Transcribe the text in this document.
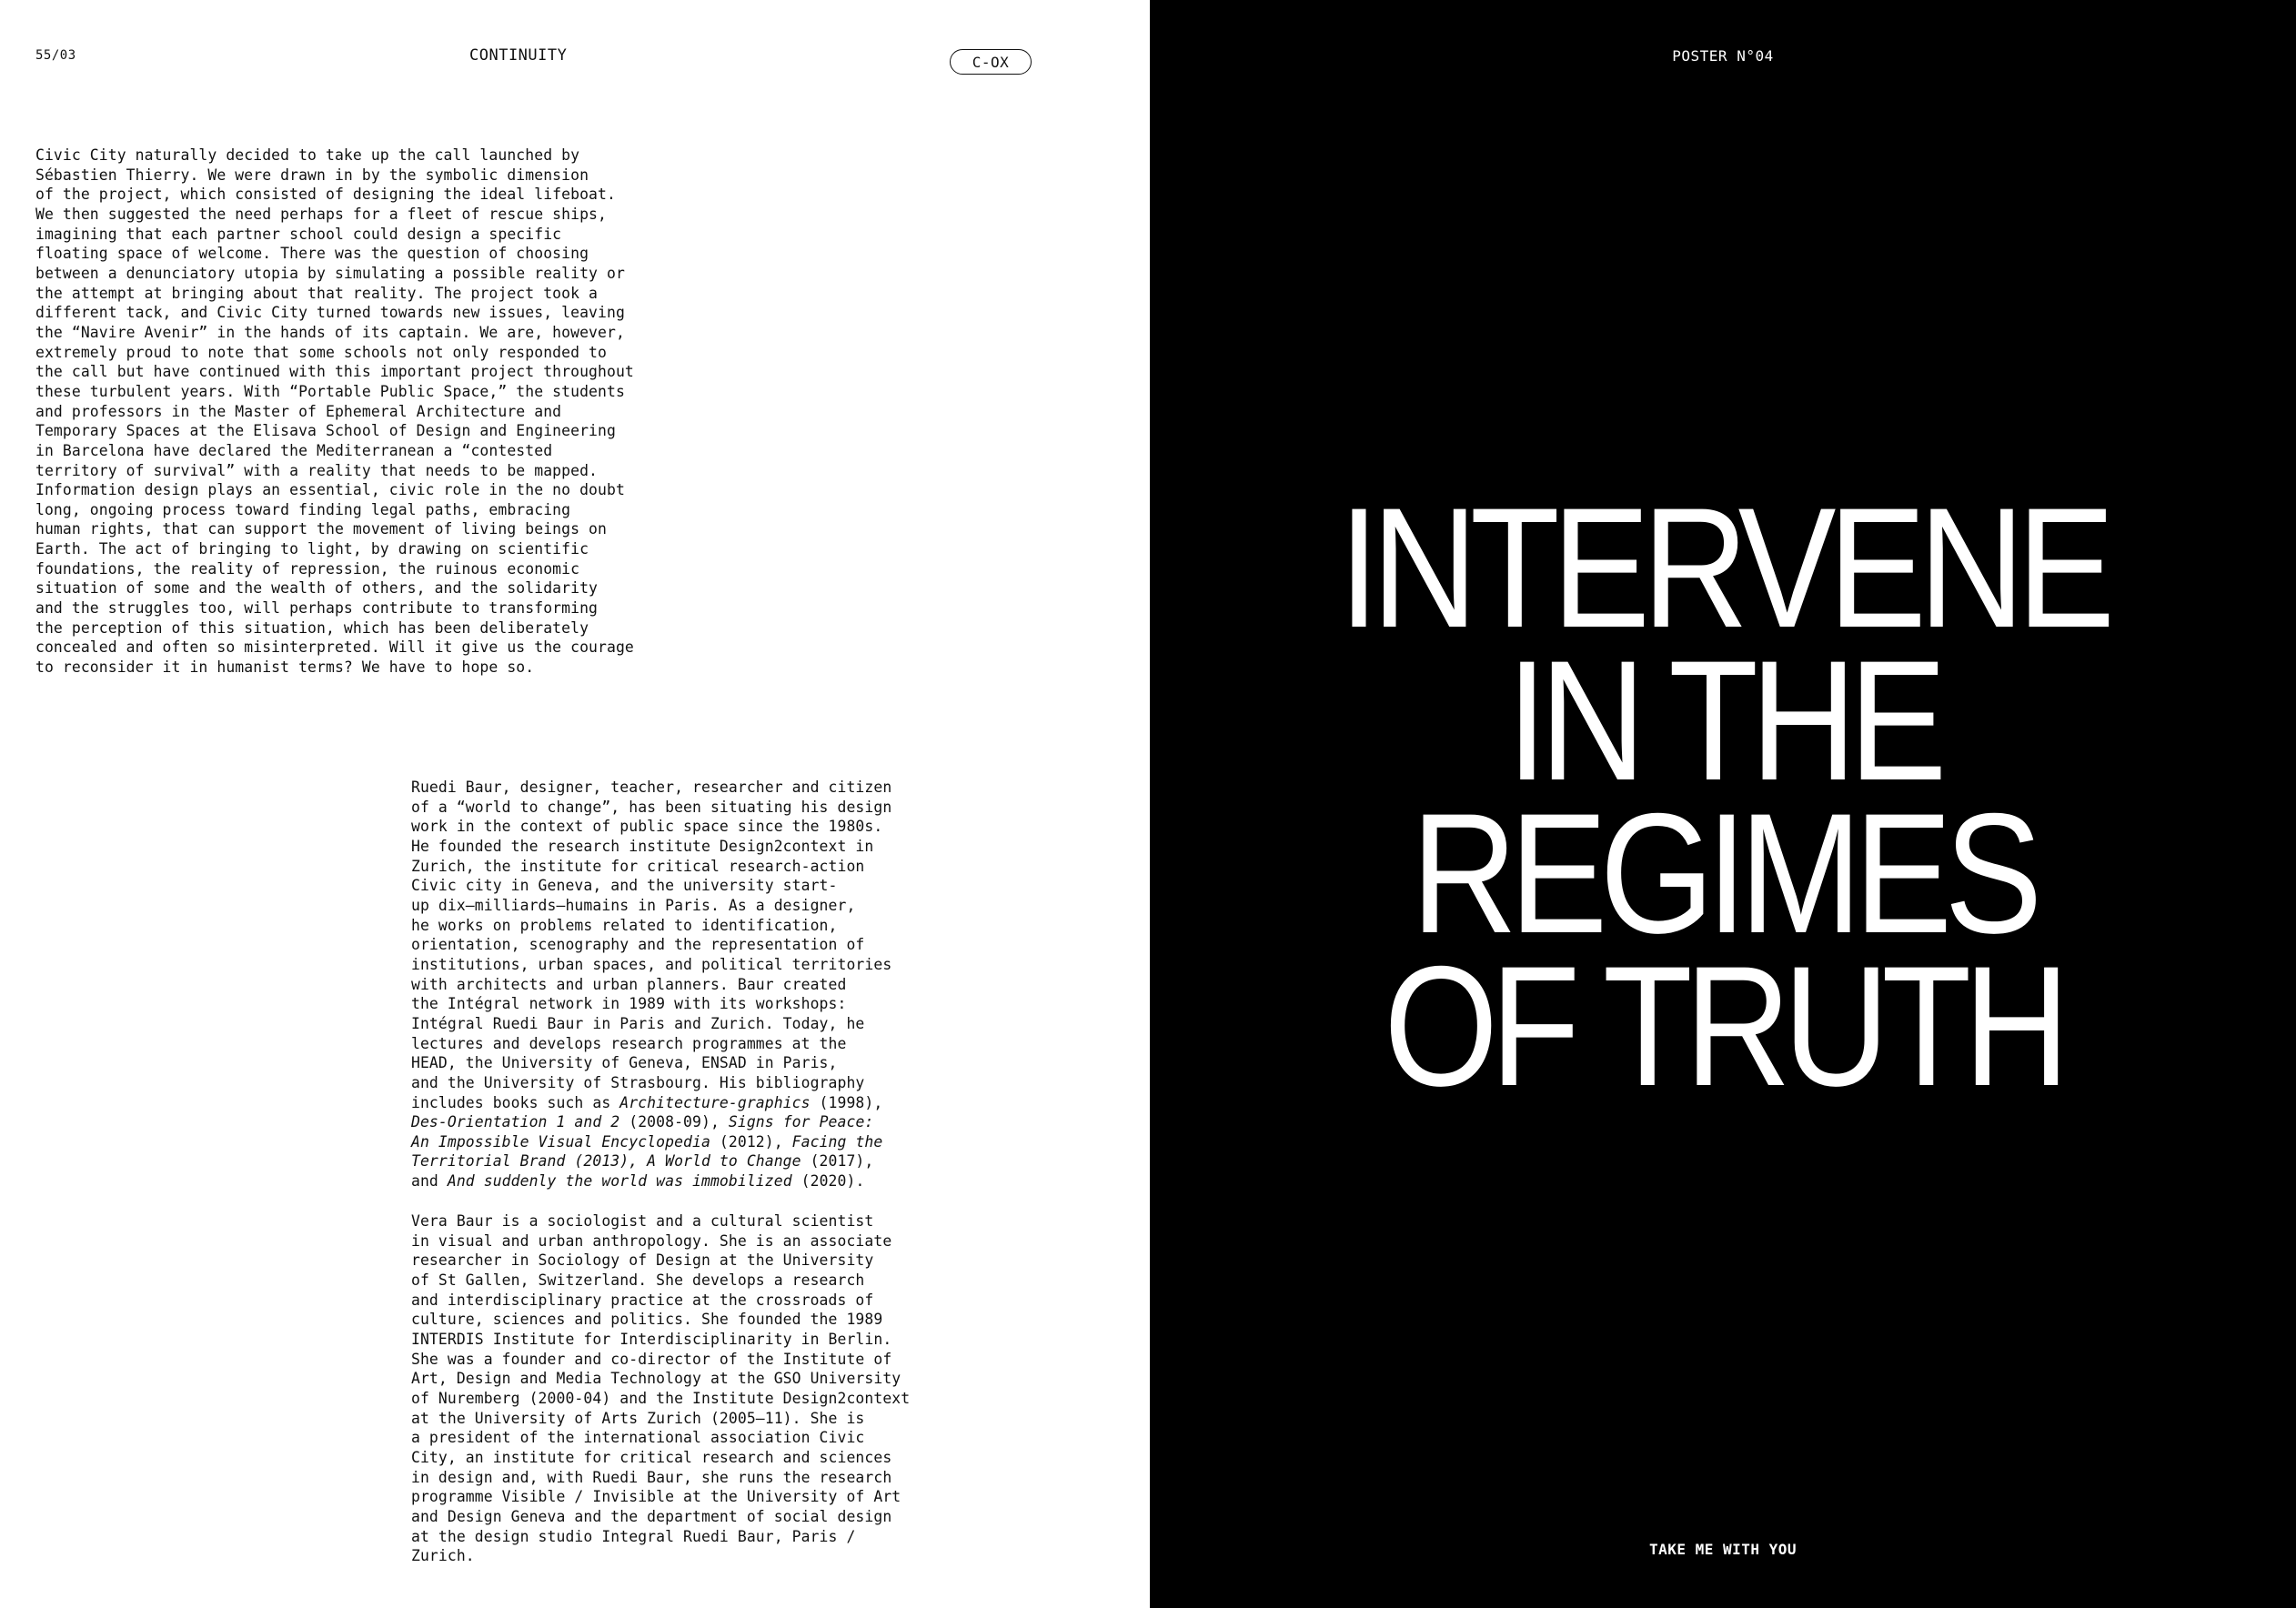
55/03	CONTINUITY	C-OX
Civic City naturally decided to take up the call launched by
Sébastien Thierry. We were drawn in by the symbolic dimension
of the project, which consisted of designing the ideal lifeboat.
We then suggested the need perhaps for a fleet of rescue ships,
imagining that each partner school could design a specific
floating space of welcome. There was the question of choosing
between a denunciatory utopia by simulating a possible reality or
the attempt at bringing about that reality. The project took a
different tack, and Civic City turned towards new issues, leaving
the “Navire Avenir” in the hands of its captain. We are, however,
extremely proud to note that some schools not only responded to
the call but have continued with this important project throughout
these turbulent years. With “Portable Public Space,” the students
and professors in the Master of Ephemeral Architecture and
Temporary Spaces at the Elisava School of Design and Engineering
in Barcelona have declared the Mediterranean a “contested
territory of survival” with a reality that needs to be mapped.
Information design plays an essential, civic role in the no doubt
long, ongoing process toward finding legal paths, embracing
human rights, that can support the movement of living beings on
Earth. The act of bringing to light, by drawing on scientific
foundations, the reality of repression, the ruinous economic
situation of some and the wealth of others, and the solidarity
and the struggles too, will perhaps contribute to transforming
the perception of this situation, which has been deliberately
concealed and often so misinterpreted. Will it give us the courage
to reconsider it in humanist terms? We have to hope so.
Ruedi Baur, designer, teacher, researcher and citizen
of a “world to change”, has been situating his design
work in the context of public space since the 1980s.
He founded the research institute Design2context in
Zurich, the institute for critical research-action
Civic city in Geneva, and the university start-
up dix–milliards–humains in Paris. As a designer,
he works on problems related to identification,
orientation, scenography and the representation of
institutions, urban spaces, and political territories
with architects and urban planners. Baur created
the Intégral network in 1989 with its workshops:
Intégral Ruedi Baur in Paris and Zurich. Today, he
lectures and develops research programmes at the
HEAD, the University of Geneva, ENSAD in Paris,
and the University of Strasbourg. His bibliography
includes books such as Architecture-graphics (1998),
Des-Orientation 1 and 2 (2008-09), Signs for Peace:
An Impossible Visual Encyclopedia (2012), Facing the
Territorial Brand (2013), A World to Change (2017),
and And suddenly the world was immobilized (2020).
Vera Baur is a sociologist and a cultural scientist
in visual and urban anthropology. She is an associate
researcher in Sociology of Design at the University
of St Gallen, Switzerland. She develops a research
and interdisciplinary practice at the crossroads of
culture, sciences and politics. She founded the 1989
INTERDIS Institute for Interdisciplinarity in Berlin.
She was a founder and co-director of the Institute of
Art, Design and Media Technology at the GSO University
of Nuremberg (2000-04) and the Institute Design2context
at the University of Arts Zurich (2005–11). She is
a president of the international association Civic
City, an institute for critical research and sciences
in design and, with Ruedi Baur, she runs the research
programme Visible / Invisible at the University of Art
and Design Geneva and the department of social design
at the design studio Integral Ruedi Baur, Paris /
Zurich.
POSTER N°04
INTERVENE
IN THE
REGIMES
OF TRUTH
TAKE ME WITH YOU
